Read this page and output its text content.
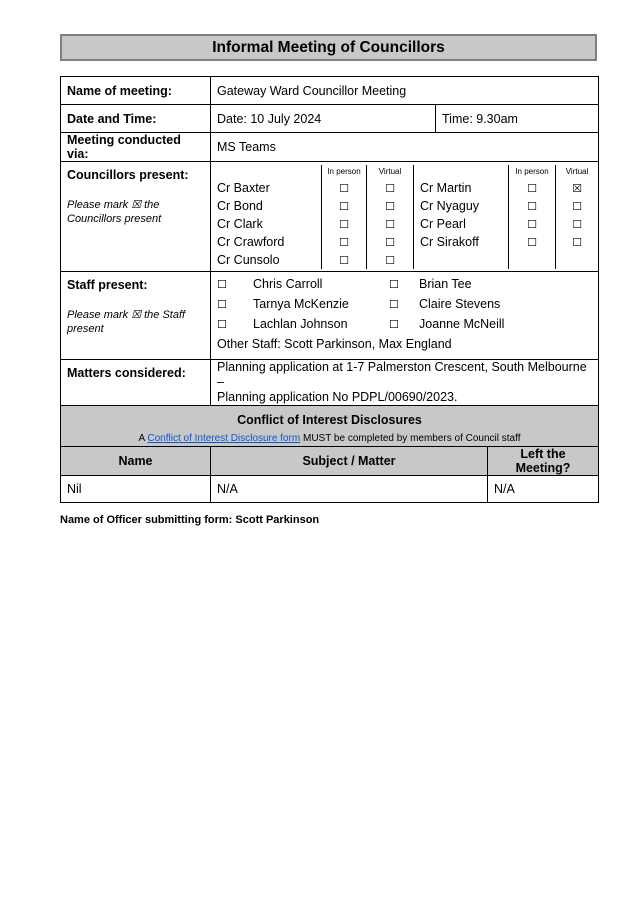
Informal Meeting of Councillors
Name of meeting:	Gateway Ward Councillor Meeting
Date and Time:	Date: 10 July 2024	Time: 9.30am
Meeting conducted via:	MS Teams
Councillors present:
Please mark ☒ the Councillors present

	In person	Virtual		In person	Virtual
Cr Baxter	☐	☐	Cr Martin	☐	☒
Cr Bond	☐	☐	Cr Nyaguy	☐	☐
Cr Clark	☐	☐	Cr Pearl	☐	☐
Cr Crawford	☐	☐	Cr Sirakoff	☐	☐
Cr Cunsolo	☐	☐			

Staff present:
Please mark ☒ the Staff present

☐ Chris Carroll	☐ Brian Tee
☐ Tarnya McKenzie	☐ Claire Stevens
☐ Lachlan Johnson	☐ Joanne McNeill
Other Staff: Scott Parkinson, Max England

Matters considered:	Planning application at 1-7 Palmerston Crescent, South Melbourne –
Planning application No PDPL/00690/2023.

Conflict of Interest Disclosures
A Conflict of Interest Disclosure form MUST be completed by members of Council staff
Name	Subject / Matter	Left the Meeting?
Nil	N/A	N/A
Name of Officer submitting form: Scott Parkinson
